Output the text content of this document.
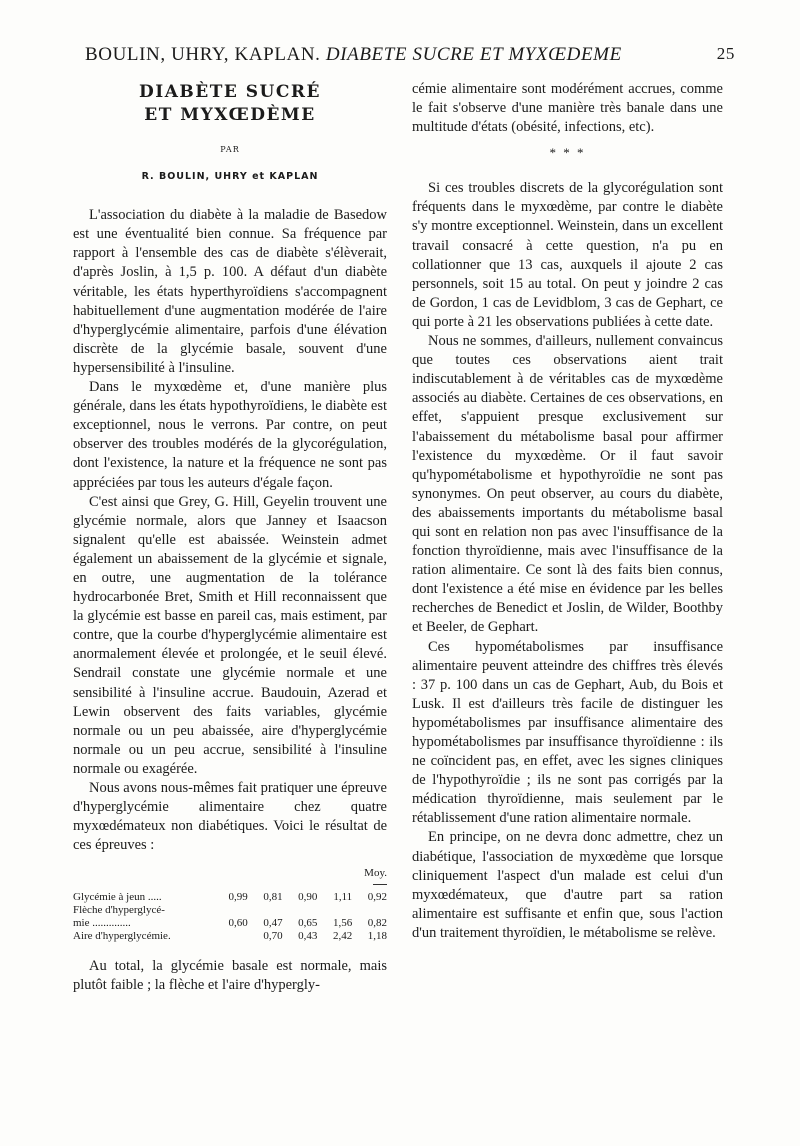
BOULIN, UHRY, KAPLAN. DIABETE SUCRE ET MYXŒDEME	25
DIABÈTE SUCRÉ
ET MYXŒDÈME
PAR
R. BOULIN, UHRY et KAPLAN

L'association du diabète à la maladie de Basedow est une éventualité bien connue. Sa fréquence par rapport à l'ensemble des cas de diabète s'élèverait, d'après Joslin, à 1,5 p. 100. A défaut d'un diabète véritable, les états hyperthyroïdiens s'accompagnent habituellement d'une augmentation modérée de l'aire d'hyperglycémie alimentaire, parfois d'une élévation discrète de la glycémie basale, souvent d'une hypersensibilité à l'insuline.

Dans le myxœdème et, d'une manière plus générale, dans les états hypothyroïdiens, le diabète est exceptionnel, nous le verrons. Par contre, on peut observer des troubles modérés de la glycorégulation, dont l'existence, la nature et la fréquence ne sont pas appréciées par tous les auteurs d'égale façon.

C'est ainsi que Grey, G. Hill, Geyelin trouvent une glycémie normale, alors que Janney et Isaacson signalent qu'elle est abaissée. Weinstein admet également un abaissement de la glycémie et signale, en outre, une augmentation de la tolérance hydrocarbonée Bret, Smith et Hill reconnaissent que la glycémie est basse en pareil cas, mais estiment, par contre, que la courbe d'hyperglycémie alimentaire est anormalement élevée et prolongée, et le seuil élevé. Sendrail constate une glycémie normale et une sensibilité à l'insuline accrue. Baudouin, Azerad et Lewin observent des faits variables, glycémie normale ou un peu abaissée, aire d'hyperglycémie normale ou un peu accrue, sensibilité à l'insuline normale ou exagérée.

Nous avons nous-mêmes fait pratiquer une épreuve d'hyperglycémie alimentaire chez quatre myxœdémateux non diabétiques. Voici le résultat de ces épreuves :

					Moy.

Glycémie à jeun .....	0,99	0,81	0,90	1,11	0,92
Flèche d'hyperglycé-					
mie ..............	0,60	0,47	0,65	1,56	0,82
Aire d'hyperglycémie.		0,70	0,43	2,42	1,18

Au total, la glycémie basale est normale, mais plutôt faible ; la flèche et l'aire d'hypergly-

cémie alimentaire sont modérément accrues, comme le fait s'observe d'une manière très banale dans une multitude d'états (obésité, infections, etc).

* * *

Si ces troubles discrets de la glycorégulation sont fréquents dans le myxœdème, par contre le diabète s'y montre exceptionnel. Weinstein, dans un excellent travail consacré à cette question, n'a pu en collationner que 13 cas, auxquels il ajoute 2 cas personnels, soit 15 au total. On peut y joindre 2 cas de Gordon, 1 cas de Levidblom, 3 cas de Gephart, ce qui porte à 21 les observations publiées à cette date.

Nous ne sommes, d'ailleurs, nullement convaincus que toutes ces observations aient trait indiscutablement à de véritables cas de myxœdème associés au diabète. Certaines de ces observations, en effet, s'appuient presque exclusivement sur l'abaissement du métabolisme basal pour affirmer l'existence du myxœdème. Or il faut savoir qu'hypométabolisme et hypothyroïdie ne sont pas synonymes. On peut observer, au cours du diabète, des abaissements importants du métabolisme basal qui sont en relation non pas avec l'insuffisance de la fonction thyroïdienne, mais avec l'insuffisance de la ration alimentaire. Ce sont là des faits bien connus, dont l'existence a été mise en évidence par les belles recherches de Benedict et Joslin, de Wilder, Boothby et Beeler, de Gephart.

Ces hypométabolismes par insuffisance alimentaire peuvent atteindre des chiffres très élevés : 37 p. 100 dans un cas de Gephart, Aub, du Bois et Lusk. Il est d'ailleurs très facile de distinguer les hypométabolismes par insuffisance alimentaire des hypométabolismes par insuffisance thyroïdienne : ils ne coïncident pas, en effet, avec les signes cliniques de l'hypothyroïdie ; ils ne sont pas corrigés par la médication thyroïdienne, mais seulement par le rétablissement d'une ration alimentaire normale.

En principe, on ne devra donc admettre, chez un diabétique, l'association de myxœdème que lorsque cliniquement l'aspect d'un malade est celui d'un myxœdémateux, que d'autre part sa ration alimentaire est suffisante et enfin que, sous l'action d'un traitement thyroïdien, le métabolisme se relève.
